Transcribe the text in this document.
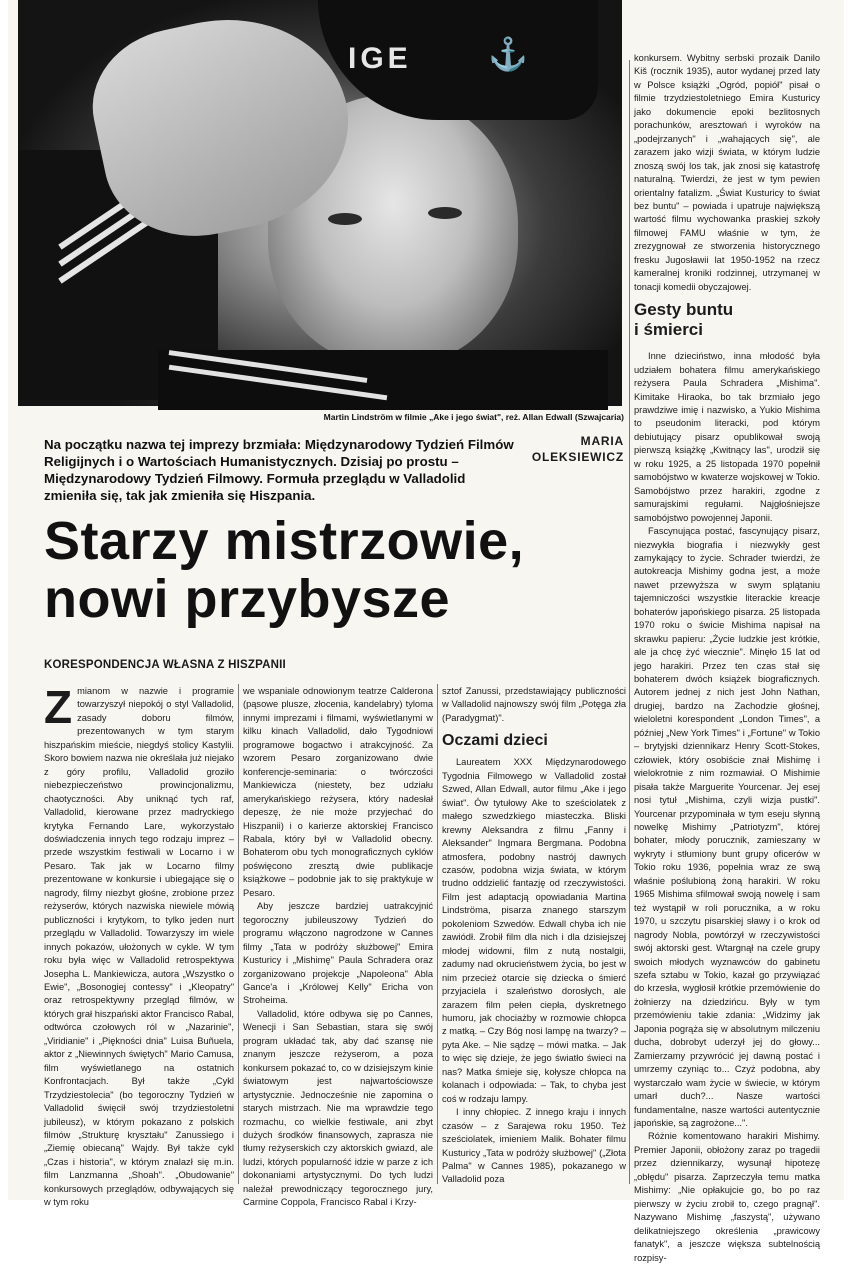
IGE ⚓
Martin Lindström w filmie „Ake i jego świat", reż. Allan Edwall (Szwajcaria)
Na początku nazwa tej imprezy brzmiała: Międzynarodowy Tydzień Filmów Religijnych i o Wartościach Humanistycznych. Dzisiaj po prostu – Międzynarodowy Tydzień Filmowy. Formuła przeglądu w Valladolid zmieniła się, tak jak zmieniła się Hiszpania.
MARIA
OLEKSIEWICZ
Starzy mistrzowie,
nowi przybysze
KORESPONDENCJA WŁASNA Z HISZPANII

Zmianom w nazwie i programie towarzyszył niepokój o styl Valladolid, zasady doboru filmów, prezentowanych w tym starym hiszpańskim mieście, niegdyś stolicy Kastylii. Skoro bowiem nazwa nie określała już niejako z góry profilu, Valladolid groziło niebezpieczeństwo prowincjonalizmu, chaotyczności. Aby uniknąć tych raf, Valladolid, kierowane przez madryckiego krytyka Fernando Lare, wykorzystało doświadczenia innych tego rodzaju imprez – przede wszystkim festiwali w Locarno i w Pesaro. Tak jak w Locarno filmy prezentowane w konkursie i ubiegające się o nagrody, filmy niezbyt głośne, zrobione przez reżyserów, których nazwiska niewiele mówią publiczności i krytykom, to tylko jeden nurt przeglądu w Valladolid. Towarzyszy im wiele innych pokazów, ułożonych w cykle. W tym roku była więc w Valladolid retrospektywa Josepha L. Mankiewicza, autora „Wszystko o Ewie", „Bosonogiej contessy" i „Kleopatry" oraz retrospektywny przegląd filmów, w których grał hiszpański aktor Francisco Rabal, odtwórca czołowych ról w „Nazarinie", „Viridianie" i „Piękności dnia" Luisa Buñuela, aktor z „Niewinnych świętych" Mario Camusa, film wyświetlanego na ostatnich Konfrontacjach. Był także „Cykl Trzydziestolecia" (bo tegoroczny Tydzień w Valladolid święcił swój trzydziestoletni jubileusz), w którym pokazano z polskich filmów „Strukturę kryształu" Zanussiego i „Ziemię obiecaną" Wajdy. Był także cykl „Czas i historia", w którym znalazł się m.in. film Lanzmanna „Shoah". „Obudowanie" konkursowych przeglądów, odbywających się w tym roku

we wspaniale odnowionym teatrze Calderona (pąsowe plusze, złocenia, kandelabry) tyloma innymi imprezami i filmami, wyświetlanymi w kilku kinach Valladolid, dało Tygodniowi programowe bogactwo i atrakcyjność. Za wzorem Pesaro zorganizowano dwie konferencje-seminaria: o twórczości Mankiewicza (niestety, bez udziału amerykańskiego reżysera, który nadesłał depeszę, że nie może przyjechać do Hiszpanii) i o karierze aktorskiej Francisco Rabala, który był w Valladolid obecny. Bohaterom obu tych monograficznych cyklów poświęcono zresztą dwie publikacje książkowe – podobnie jak to się praktykuje w Pesaro.

Aby jeszcze bardziej uatrakcyjnić tegoroczny jubileuszowy Tydzień do programu włączono nagrodzone w Cannes filmy „Tata w podróży służbowej" Emira Kusturicy i „Mishimę" Paula Schradera oraz zorganizowano projekcje „Napoleona" Abla Gance'a i „Królowej Kelly" Ericha von Stroheima.

Valladolid, które odbywa się po Cannes, Wenecji i San Sebastian, stara się swój program układać tak, aby dać szansę nie znanym jeszcze reżyserom, a poza konkursem pokazać to, co w dzisiejszym kinie światowym jest najwartościowsze artystycznie. Jednocześnie nie zapomina o starych mistrzach. Nie ma wprawdzie tego rozmachu, co wielkie festiwale, ani zbyt dużych środków finansowych, zaprasza nie tłumy reżyserskich czy aktorskich gwiazd, ale ludzi, których popularność idzie w parze z ich dokonaniami artystycznymi. Do tych ludzi należał prewodniczący tegorocznego jury, Carmine Coppola, Francisco Rabal i Krzy-

sztof Zanussi, przedstawiający publiczności w Valladolid najnowszy swój film „Potęga zła (Paradygmat)".

Oczami dzieci

Laureatem XXX Międzynarodowego Tygodnia Filmowego w Valladolid został Szwed, Allan Edwall, autor filmu „Ake i jego świat". Ów tytułowy Ake to sześciolatek z małego szwedzkiego miasteczka. Bliski krewny Aleksandra z filmu „Fanny i Aleksander" Ingmara Bergmana. Podobna atmosfera, podobny nastrój dawnych czasów, podobna wizja świata, w którym trudno oddzielić fantazję od rzeczywistości. Film jest adaptacją opowiadania Martina Lindströma, pisarza znanego starszym pokoleniom Szwedów. Edwall chyba ich nie zawiódł. Zrobił film dla nich i dla dzisiejszej młodej widowni, film z nutą nostalgii, zadumy nad okrucieństwem życia, bo jest w nim przecież otarcie się dziecka o śmierć przyjaciela i szaleństwo dorosłych, ale zarazem film pełen ciepła, dyskretnego humoru, jak chociażby w rozmowie chłopca z matką. – Czy Bóg nosi lampę na twarzy? – pyta Ake. – Nie sądzę – mówi matka. – Jak to więc się dzieje, że jego światło świeci na nas? Matka śmieje się, kołysze chłopca na kolanach i odpowiada: – Tak, to chyba jest coś w rodzaju lampy.

I inny chłopiec. Z innego kraju i innych czasów – z Sarajewa roku 1950. Też sześciolatek, imieniem Malik. Bohater filmu Kusturicy „Tata w podróży służbowej" („Złota Palma" w Cannes 1985), pokazanego w Valladolid poza

konkursem. Wybitny serbski prozaik Danilo Kiš (rocznik 1935), autor wydanej przed laty w Polsce książki „Ogród, popiół" pisał o filmie trzydziestoletniego Emira Kusturicy jako dokumencie epoki bezlitosnych porachunków, aresztowań i wyroków na „podejrzanych" i „wahających się", ale zarazem jako wizji świata, w którym ludzie znoszą swój los tak, jak znosi się katastrofę naturalną. Twierdzi, że jest w tym pewien orientalny fatalizm. „Świat Kusturicy to świat bez buntu" – powiada i upatruje największą wartość filmu wychowanka praskiej szkoły filmowej FAMU właśnie w tym, że zrezygnował ze stworzenia historycznego fresku Jugosławii lat 1950-1952 na rzecz kameralnej kroniki rodzinnej, utrzymanej w tonacji komedii obyczajowej.

Gesty buntu
i śmierci

Inne dzieciństwo, inna młodość była udziałem bohatera filmu amerykańskiego reżysera Paula Schradera „Mishima". Kimitake Hiraoka, bo tak brzmiało jego prawdziwe imię i nazwisko, a Yukio Mishima to pseudonim literacki, pod którym debiutujący pisarz opublikował swoją pierwszą książkę „Kwitnący las", urodził się w roku 1925, a 25 listopada 1970 popełnił samobójstwo w kwaterze wojskowej w Tokio. Samobójstwo przez harakiri, zgodne z samurajskimi regułami. Najgłośniejsze samobójstwo powojennej Japonii.

Fascynująca postać, fascynujący pisarz, niezwykła biografia i niezwykły gest zamykający to życie. Schrader twierdzi, że autokreacja Mishimy godna jest, a może nawet przewyższa w swym splątaniu tajemniczości wszystkie literackie kreacje bohaterów japońskiego pisarza. 25 listopada 1970 roku o świcie Mishima napisał na skrawku papieru: „Życie ludzkie jest krótkie, ale ja chcę żyć wiecznie". Minęło 15 lat od jego harakiri. Przez ten czas stał się bohaterem dwóch książek biograficznych. Autorem jednej z nich jest John Nathan, drugiej, bardzo na Zachodzie głośnej, wieloletni korespondent „London Times", a później „New York Times" i „Fortune" w Tokio – brytyjski dziennikarz Henry Scott-Stokes, człowiek, który osobiście znał Mishimę i wielokrotnie z nim rozmawiał. O Mishimie pisała także Marguerite Yourcenar. Jej esej nosi tytuł „Mishima, czyli wizja pustki". Yourcenar przypominała w tym eseju słynną nowelkę Mishimy „Patriotyzm", której bohater, młody porucznik, zamieszany w wykryty i stłumiony bunt grupy oficerów w Tokio roku 1936, popełnia wraz ze swą właśnie poślubioną żoną harakiri. W roku 1965 Mishima sfilmował swoją nowelę i sam też wystąpił w roli porucznika, a w roku 1970, u szczytu pisarskiej sławy i o krok od nagrody Nobla, powtórzył w rzeczywistości swój aktorski gest. Wtargnął na czele grupy swoich młodych wyznawców do gabinetu szefa sztabu w Tokio, kazał go przywiązać do krzesła, wygłosił krótkie przemówienie do żołnierzy na dziedzińcu. Były w tym przemówieniu takie zdania: „Widzimy jak Japonia pogrąża się w absolutnym milczeniu ducha, dobrobyt uderzył jej do głowy... Zamierzamy przywrócić jej dawną postać i umrzemy czyniąc to... Czyż podobna, aby wystarczało wam życie w świecie, w którym umarł duch?... Nasze wartości fundamentalne, nasze wartości autentycznie japońskie, są zagrożone...".

Różnie komentowano harakiri Mishimy. Premier Japonii, obłożony zaraz po tragedii przez dziennikarzy, wysunął hipotezę „obłędu" pisarza. Zaprzeczyła temu matka Mishimy: „Nie opłakujcie go, bo po raz pierwszy w życiu zrobił to, czego pragnął". Nazywano Mishimę „faszystą", używano delikatniejszego określenia „prawicowy fanatyk", a jeszcze większa subtelnością rozpisy-
